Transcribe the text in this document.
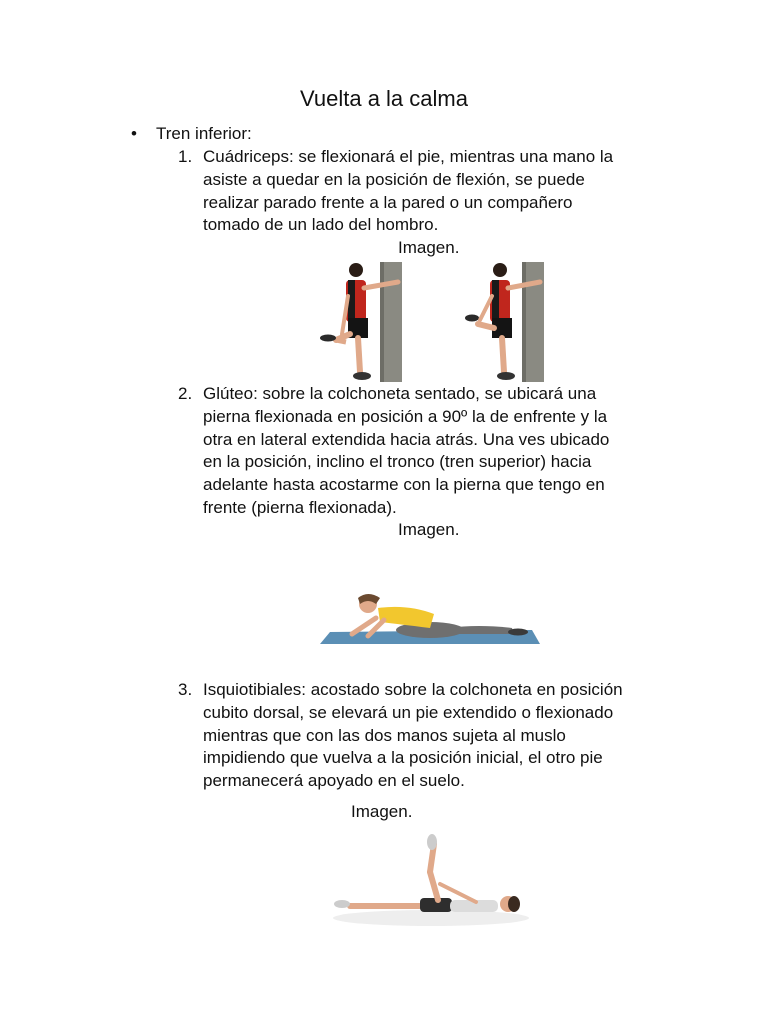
Vuelta a la calma
•	Tren inferior:
1. Cuádriceps: se flexionará el pie, mientras una mano la
asiste a quedar en la posición de flexión, se puede
realizar parado frente a la pared o un compañero
tomado de un lado del hombro.
Imagen.
2. Glúteo: sobre la colchoneta sentado, se ubicará una
pierna flexionada en posición a 90º la de enfrente y la
otra en lateral extendida hacia atrás. Una ves ubicado
en la posición, inclino el tronco (tren superior) hacia
adelante hasta acostarme con la pierna que tengo en
frente (pierna flexionada).
Imagen.
3. Isquiotibiales: acostado sobre la colchoneta en posición
cubito dorsal, se elevará un pie extendido o flexionado
mientras que con las dos manos sujeta al muslo
impidiendo que vuelva a la posición inicial, el otro pie
permanecerá apoyado en el suelo.
Imagen.
